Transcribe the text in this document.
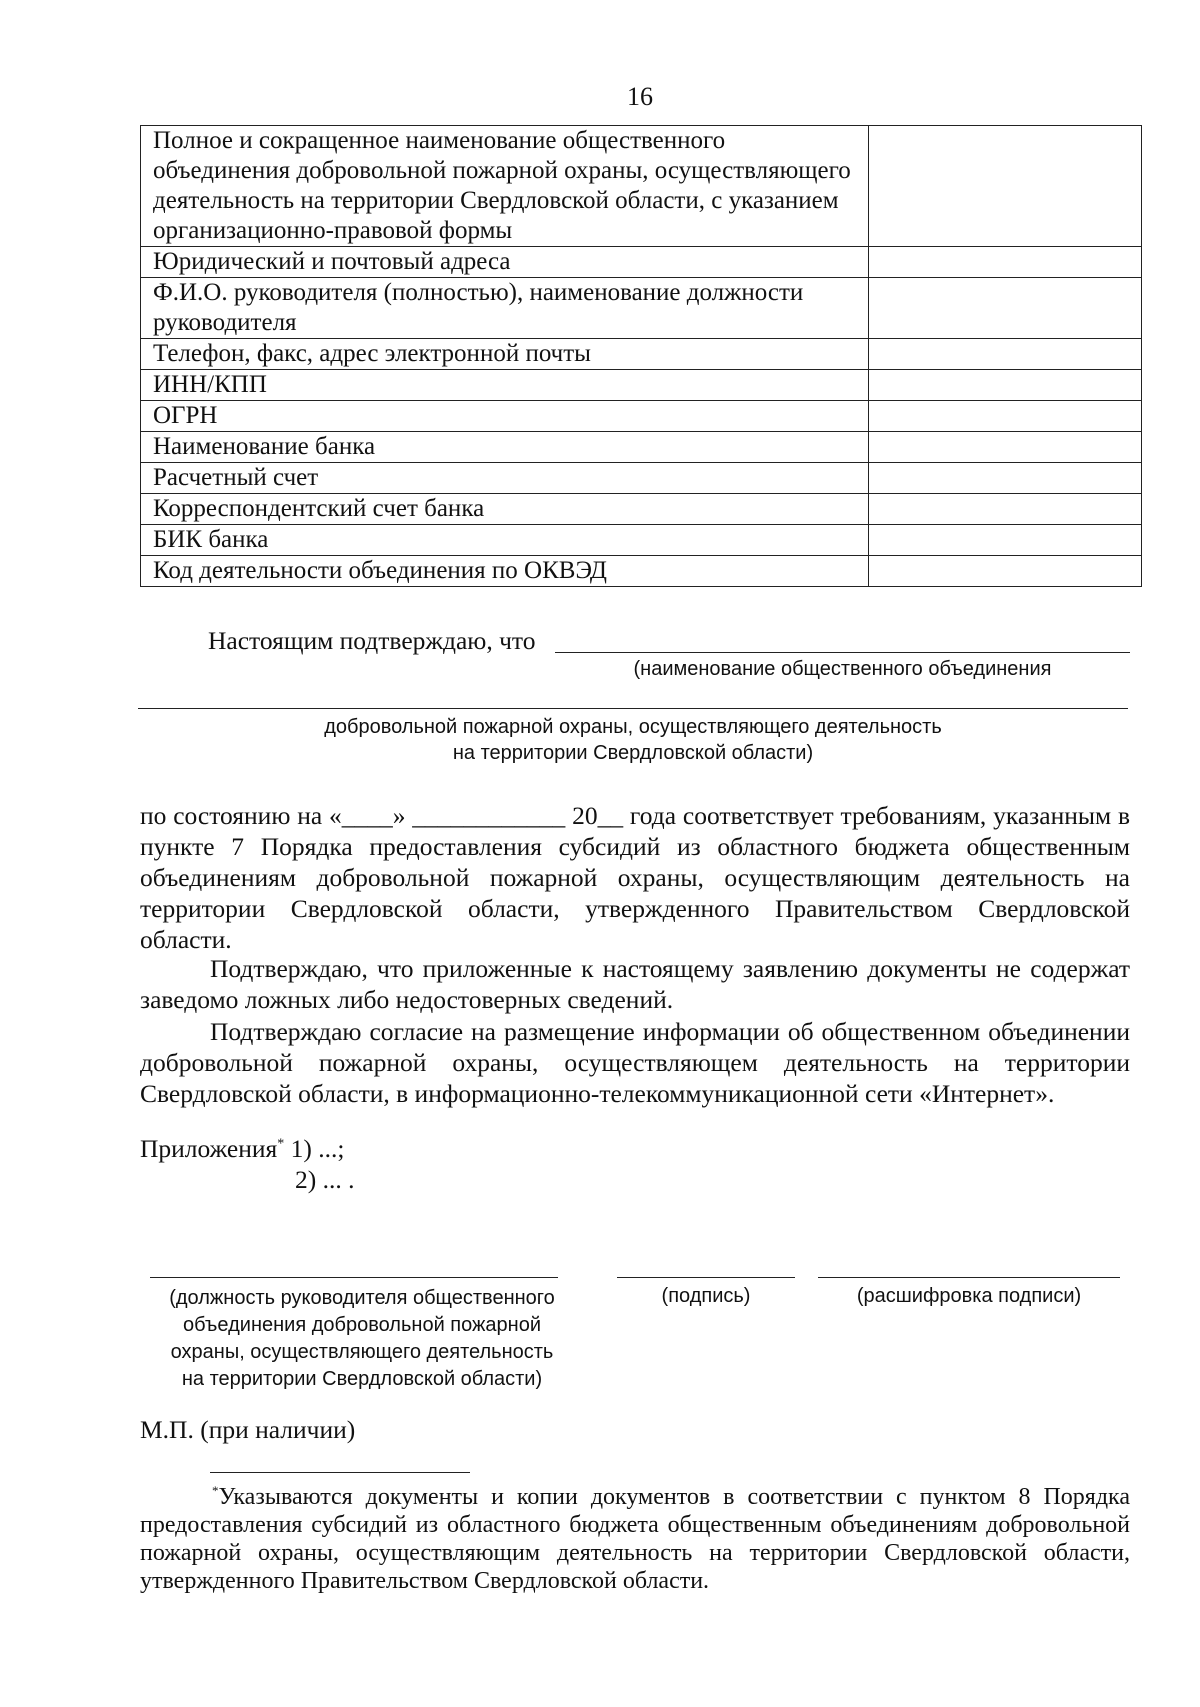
16
Полное и сокращенное наименование общественного объединения добровольной пожарной охраны, осуществляющего деятельность на территории Свердловской области, с указанием организационно-правовой формы	
Юридический и почтовый адреса	
Ф.И.О. руководителя (полностью), наименование должности руководителя	
Телефон, факс, адрес электронной почты	
ИНН/КПП	
ОГРН	
Наименование банка	
Расчетный счет	
Корреспондентский счет банка	
БИК банка	
Код деятельности объединения по ОКВЭД	
Настоящим подтверждаю, что
(наименование общественного объединения
добровольной пожарной охраны, осуществляющего деятельность
на территории Свердловской области)
по состоянию на «____» ____________ 20__ года соответствует требованиям, указанным в пункте 7 Порядка предоставления субсидий из областного бюджета общественным объединениям добровольной пожарной охраны, осуществляющим деятельность на территории Свердловской области, утвержденного Правительством Свердловской области.
Подтверждаю, что приложенные к настоящему заявлению документы не содержат заведомо ложных либо недостоверных сведений.
Подтверждаю согласие на размещение информации об общественном объединении добровольной пожарной охраны, осуществляющем деятельность на территории Свердловской области, в информационно-телекоммуникационной сети «Интернет».
Приложения* 1) ...;
2) ... .
(должность руководителя общественного
объединения добровольной пожарной
охраны, осуществляющего деятельность
на территории Свердловской области)
(подпись)	(расшифровка подписи)
М.П. (при наличии)
*Указываются документы и копии документов в соответствии с пунктом 8 Порядка предоставления субсидий из областного бюджета общественным объединениям добровольной пожарной охраны, осуществляющим деятельность на территории Свердловской области, утвержденного Правительством Свердловской области.
